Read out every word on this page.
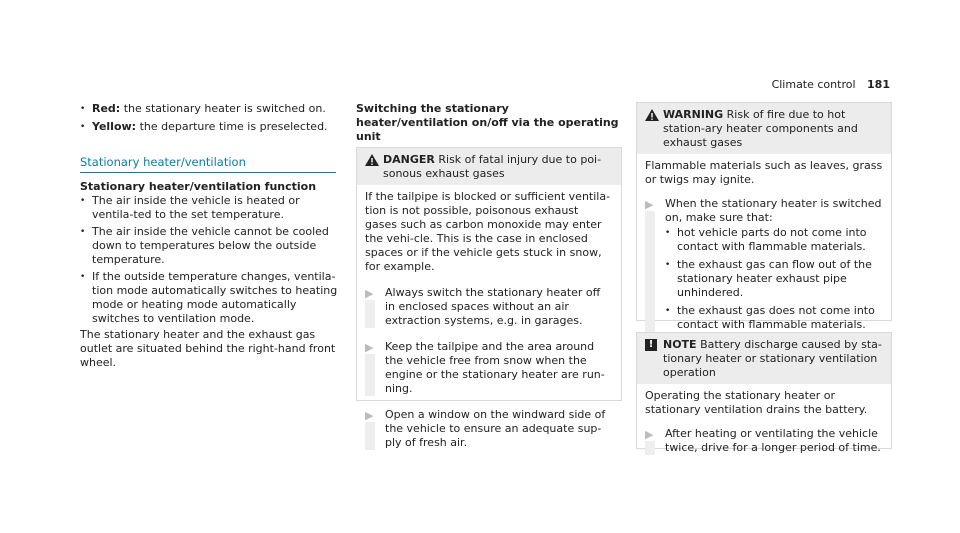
Climate control 181

• Red: the stationary heater is switched on.

• Yellow: the departure time is preselected.

Stationary heater/ventilation

Stationary heater/ventilation function

• The air inside the vehicle is heated or ventila-ted to the set temperature.

• The air inside the vehicle cannot be cooled down to temperatures below the outside temperature.

• If the outside temperature changes, ventila-tion mode automatically switches to heating mode or heating mode automatically switches to ventilation mode.

The stationary heater and the exhaust gas outlet are situated behind the right-hand front wheel.

Switching the stationary heater/ventilation on/off via the operating unit

DANGER Risk of fatal injury due to poi-sonous exhaust gases

If the tailpipe is blocked or sufficient ventila-tion is not possible, poisonous exhaust gases such as carbon monoxide may enter the vehi-cle. This is the case in enclosed spaces or if the vehicle gets stuck in snow, for example.

▶ Always switch the stationary heater off in enclosed spaces without an air extraction systems, e.g. in garages.
▶ Keep the tailpipe and the area around the vehicle free from snow when the engine or the stationary heater are run-ning.
▶ Open a window on the windward side of the vehicle to ensure an adequate sup-ply of fresh air.
WARNING Risk of fire due to hot station-ary heater components and exhaust gases

Flammable materials such as leaves, grass or twigs may ignite.

▶ When the stationary heater is switched on, make sure that:

• hot vehicle parts do not come into contact with flammable materials.

• the exhaust gas can flow out of the stationary heater exhaust pipe unhindered.

• the exhaust gas does not come into contact with flammable materials.

! NOTE Battery discharge caused by sta-tionary heater or stationary ventilation operation

Operating the stationary heater or stationary ventilation drains the battery.

▶ After heating or ventilating the vehicle twice, drive for a longer period of time.
